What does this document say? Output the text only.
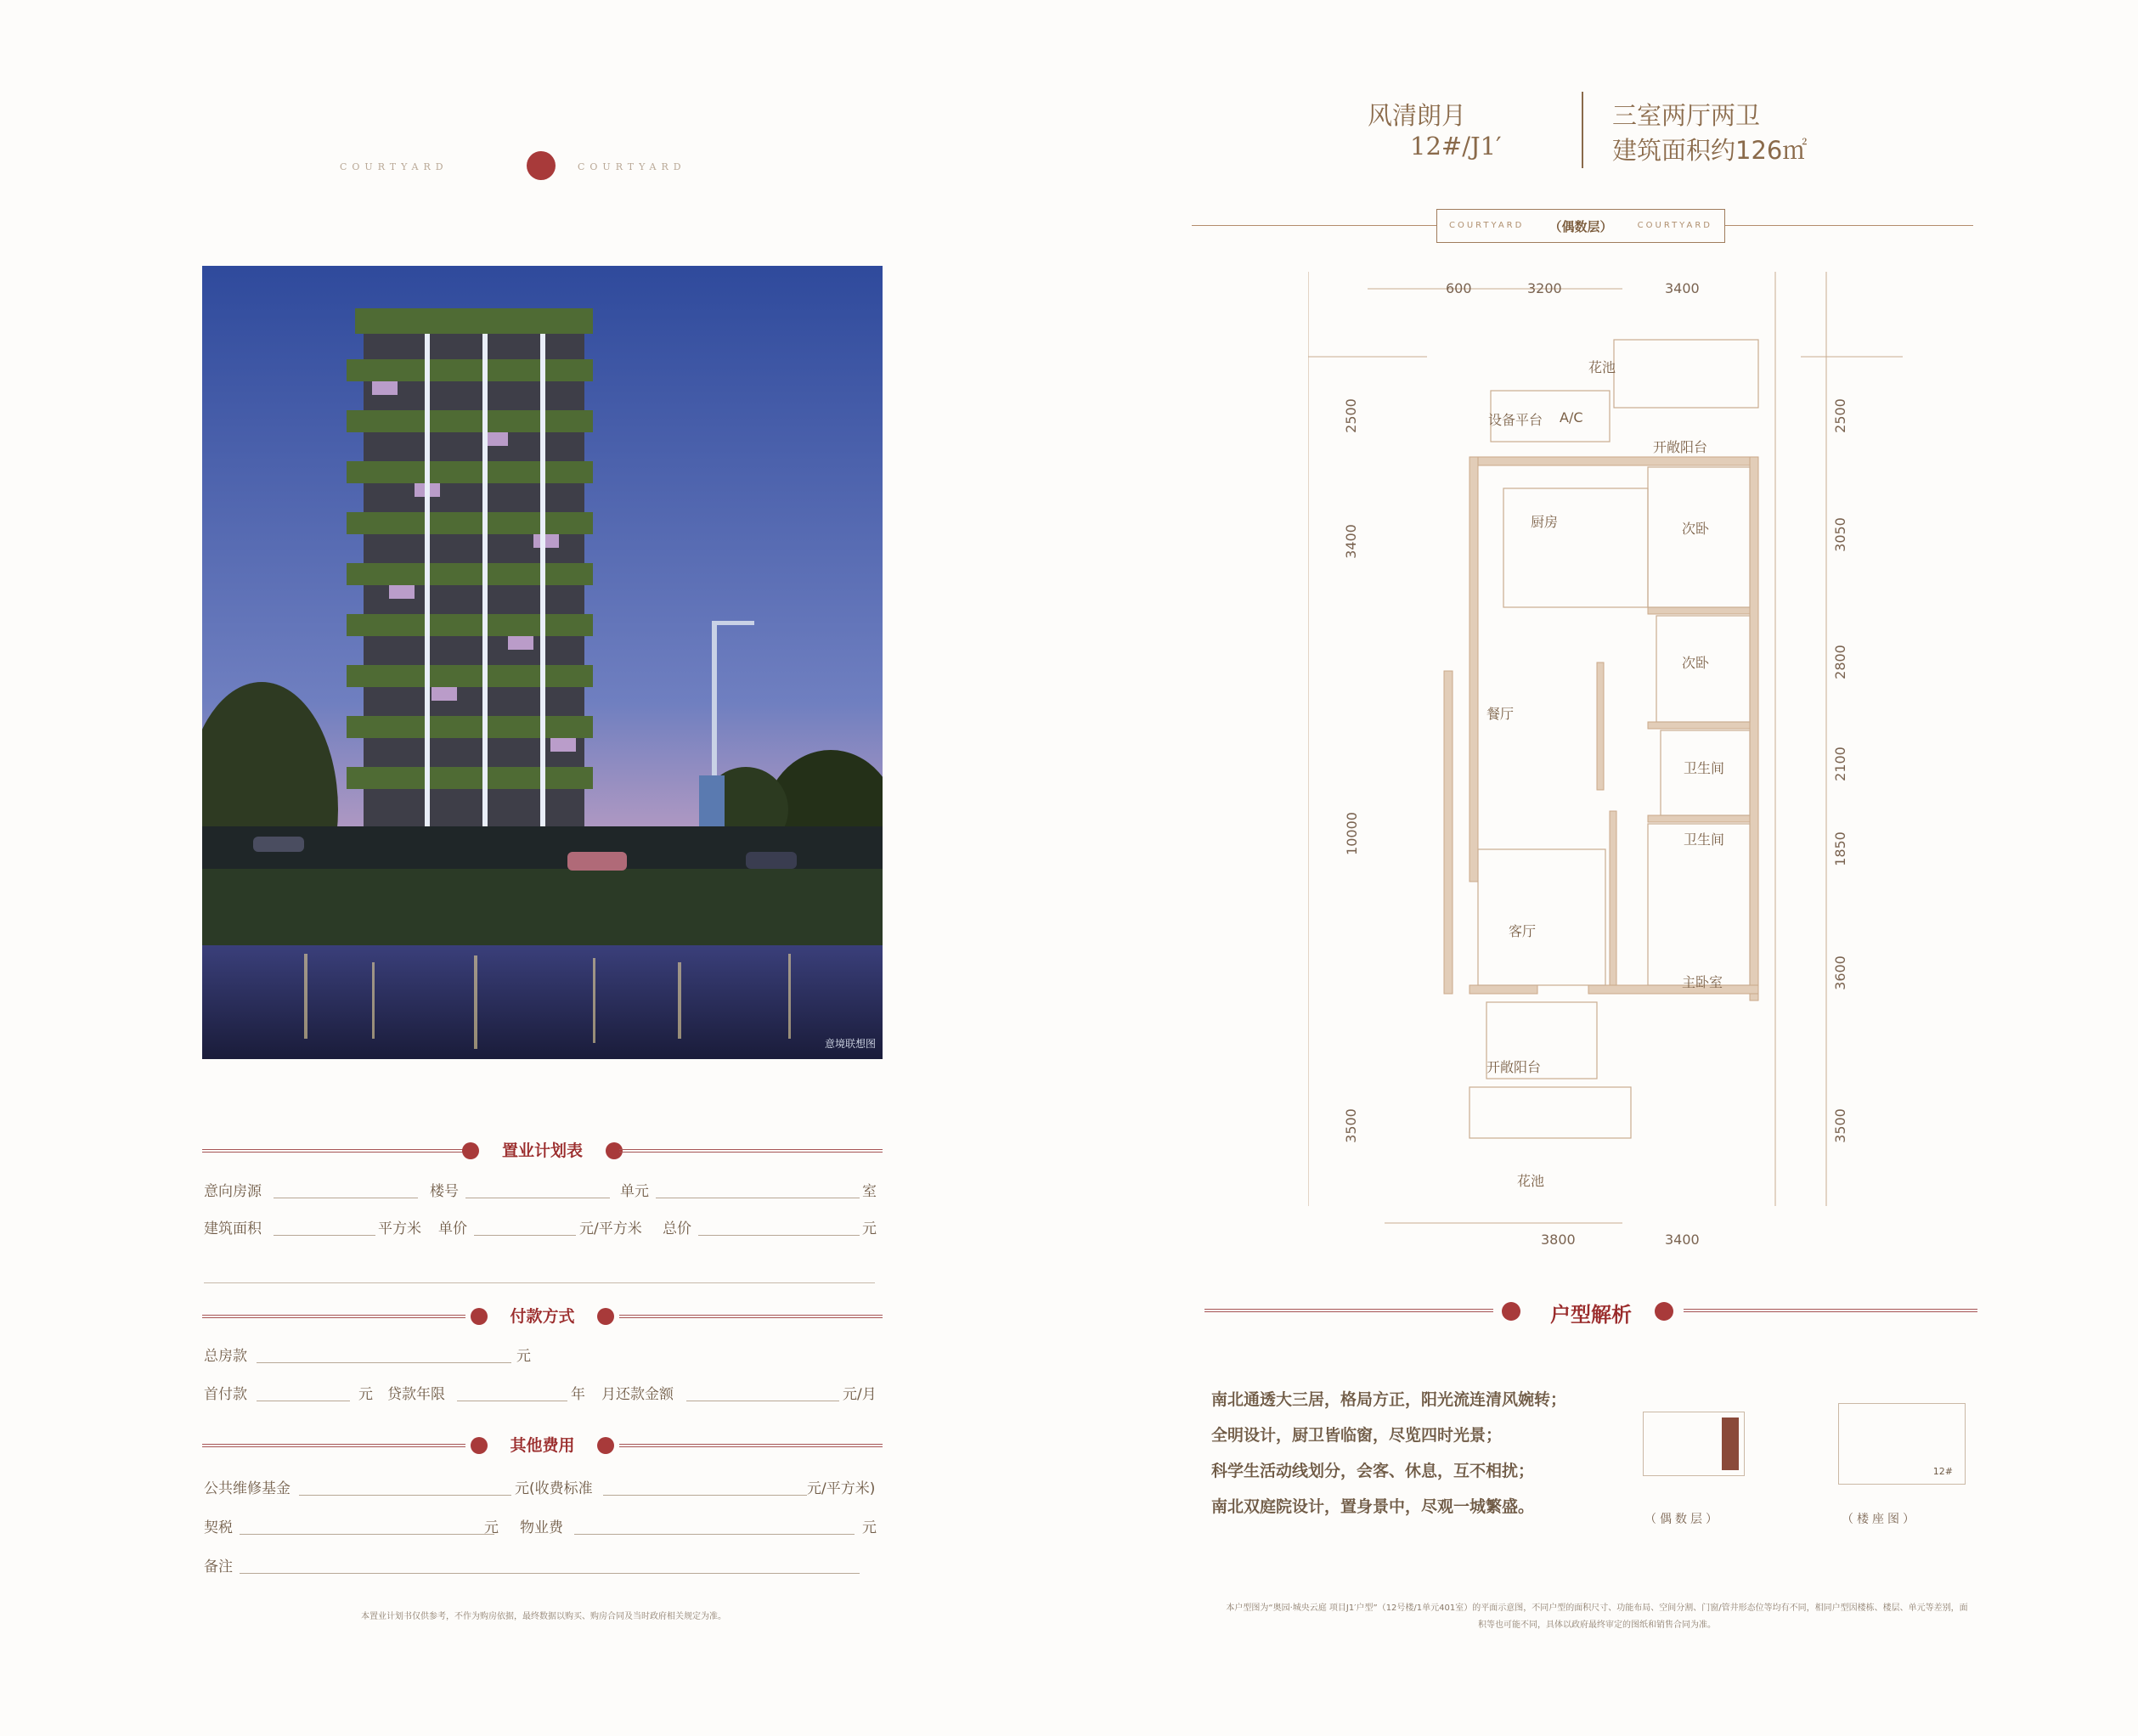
COURTYARD	COURTYARD
意境联想图
置业计划表
意向房源	楼号	单元	室
建筑面积	平方米 单价	元/平方米 总价	元
付款方式
总房款	元
首付款	元 贷款年限	年 月还款金额	元/月
其他费用
公共维修基金	元(收费标准	元/平方米)
契税	元 物业费	元
备注
本置业计划书仅供参考，不作为购房依据，最终数据以购买、购房合同及当时政府相关规定为准。
风清朗月
12#/J1′
三室两厅两卫
建筑面积约126㎡
COURTYARD	（偶数层）	COURTYARD
花池
设备平台 A/C
开敞阳台
厨房	次卧
次卧
餐厅
卫生间
卫生间
客厅
主卧室
开敞阳台
花池
600	3200	3400
3800	3400
2500
3400
10000
3500
2500
3050
2800
2100
1850
3600
3500
户型解析
南北通透大三居，格局方正，阳光流连清风婉转；
全明设计，厨卫皆临窗，尽览四时光景；
科学生活动线划分，会客、休息，互不相扰；
南北双庭院设计，置身景中，尽观一城繁盛。
（偶数层）
12#
（楼座图）
本户型图为“奥园·城央云庭 项目J1′户型”（12号楼/1单元401室）的平面示意图，不同户型的面积尺寸、功能布局、空间分割、门窗/管井形态位等均有不同，相同户型因楼栋、楼层、单元等差别，面积等也可能不同，具体以政府最终审定的图纸和销售合同为准。
